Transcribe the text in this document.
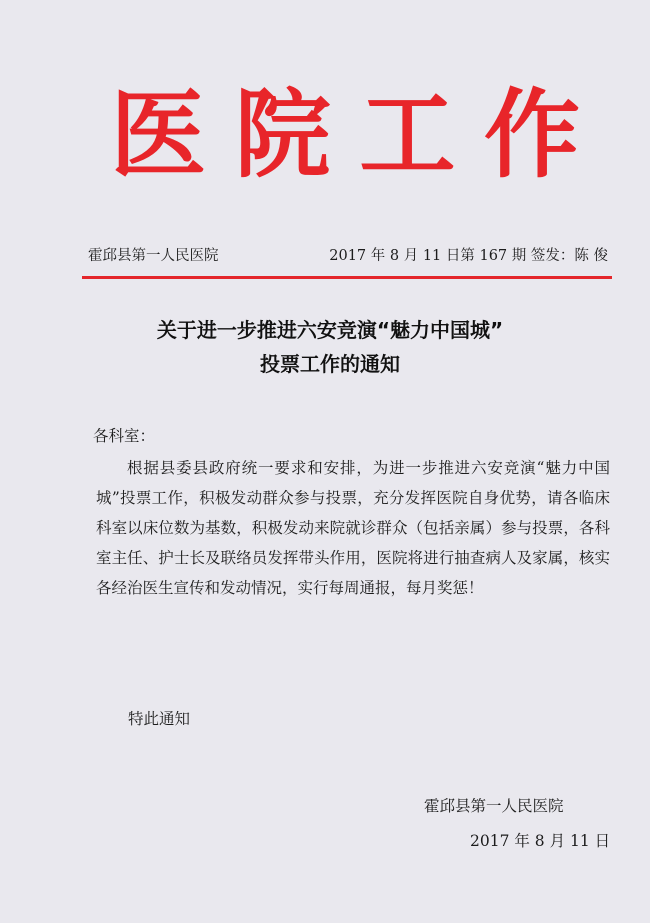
医 院 工 作
霍邱县第一人民医院	2017 年 8 月 11 日第 167 期 签发：陈 俊
关于进一步推进六安竞演“魅力中国城”
投票工作的通知
各科室：
根据县委县政府统一要求和安排，为进一步推进六安竞演“魅力中国城”投票工作，积极发动群众参与投票，充分发挥医院自身优势，请各临床科室以床位数为基数，积极发动来院就诊群众（包括亲属）参与投票，各科室主任、护士长及联络员发挥带头作用，医院将进行抽查病人及家属，核实各经治医生宣传和发动情况，实行每周通报，每月奖惩！
特此通知
霍邱县第一人民医院
2017 年 8 月 11 日
